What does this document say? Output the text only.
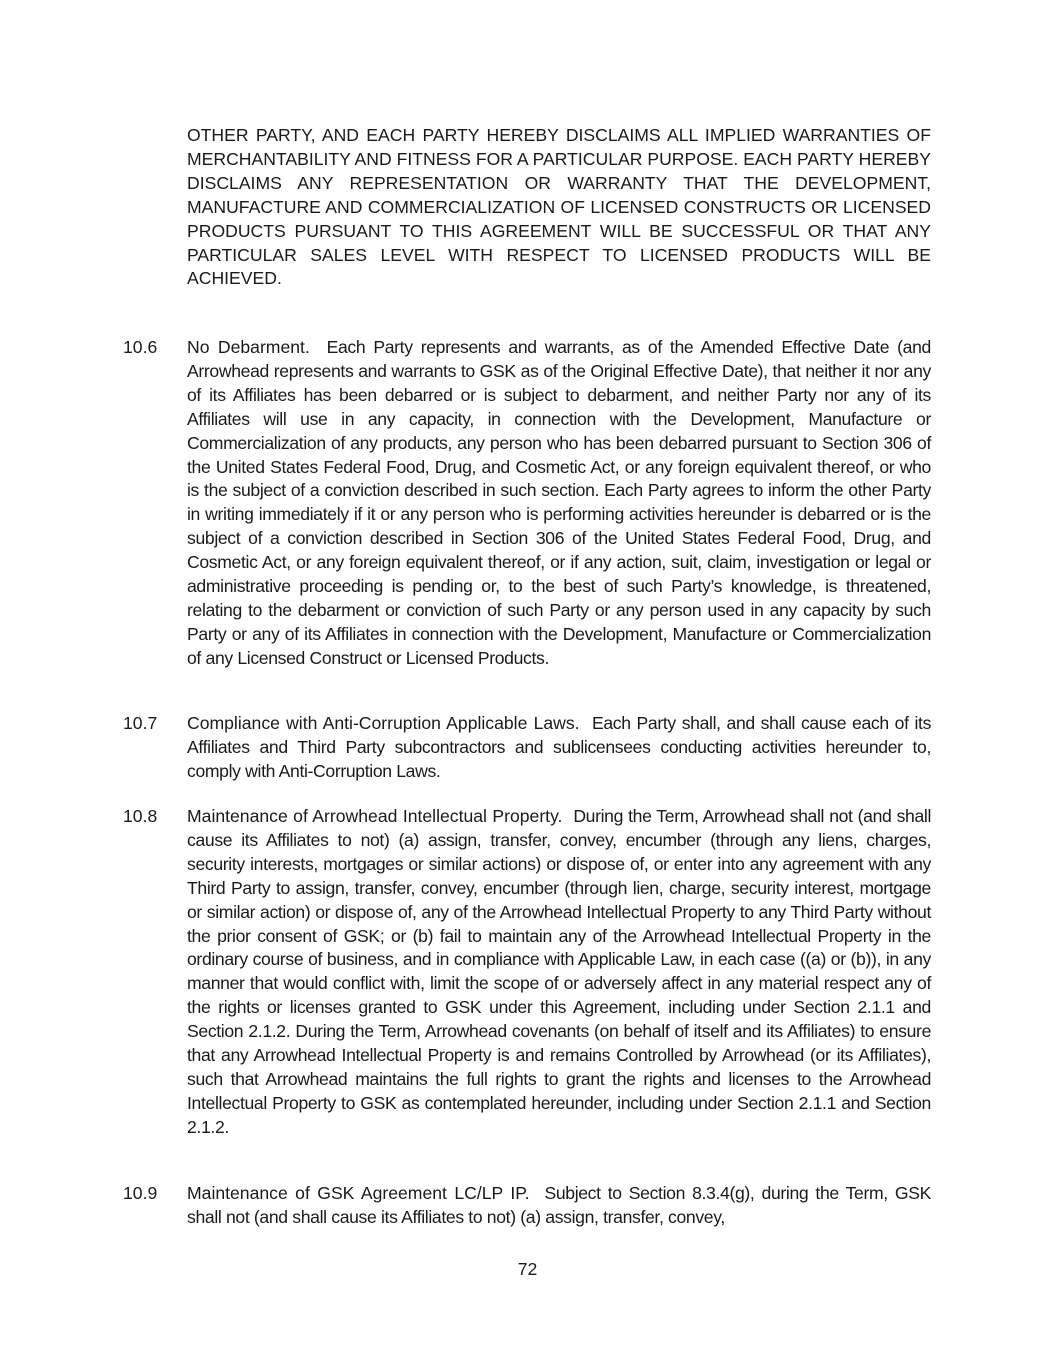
OTHER PARTY, AND EACH PARTY HEREBY DISCLAIMS ALL IMPLIED WARRANTIES OF MERCHANTABILITY AND FITNESS FOR A PARTICULAR PURPOSE. EACH PARTY HEREBY DISCLAIMS ANY REPRESENTATION OR WARRANTY THAT THE DEVELOPMENT, MANUFACTURE AND COMMERCIALIZATION OF LICENSED CONSTRUCTS OR LICENSED PRODUCTS PURSUANT TO THIS AGREEMENT WILL BE SUCCESSFUL OR THAT ANY PARTICULAR SALES LEVEL WITH RESPECT TO LICENSED PRODUCTS WILL BE ACHIEVED.

10.6 No Debarment. Each Party represents and warrants, as of the Amended Effective Date (and Arrowhead represents and warrants to GSK as of the Original Effective Date), that neither it nor any of its Affiliates has been debarred or is subject to debarment, and neither Party nor any of its Affiliates will use in any capacity, in connection with the Development, Manufacture or Commercialization of any products, any person who has been debarred pursuant to Section 306 of the United States Federal Food, Drug, and Cosmetic Act, or any foreign equivalent thereof, or who is the subject of a conviction described in such section. Each Party agrees to inform the other Party in writing immediately if it or any person who is performing activities hereunder is debarred or is the subject of a conviction described in Section 306 of the United States Federal Food, Drug, and Cosmetic Act, or any foreign equivalent thereof, or if any action, suit, claim, investigation or legal or administrative proceeding is pending or, to the best of such Party’s knowledge, is threatened, relating to the debarment or conviction of such Party or any person used in any capacity by such Party or any of its Affiliates in connection with the Development, Manufacture or Commercialization of any Licensed Construct or Licensed Products.

10.7 Compliance with Anti-Corruption Applicable Laws. Each Party shall, and shall cause each of its Affiliates and Third Party subcontractors and sublicensees conducting activities hereunder to, comply with Anti-Corruption Laws.

10.8 Maintenance of Arrowhead Intellectual Property. During the Term, Arrowhead shall not (and shall cause its Affiliates to not) (a) assign, transfer, convey, encumber (through any liens, charges, security interests, mortgages or similar actions) or dispose of, or enter into any agreement with any Third Party to assign, transfer, convey, encumber (through lien, charge, security interest, mortgage or similar action) or dispose of, any of the Arrowhead Intellectual Property to any Third Party without the prior consent of GSK; or (b) fail to maintain any of the Arrowhead Intellectual Property in the ordinary course of business, and in compliance with Applicable Law, in each case ((a) or (b)), in any manner that would conflict with, limit the scope of or adversely affect in any material respect any of the rights or licenses granted to GSK under this Agreement, including under Section 2.1.1 and Section 2.1.2. During the Term, Arrowhead covenants (on behalf of itself and its Affiliates) to ensure that any Arrowhead Intellectual Property is and remains Controlled by Arrowhead (or its Affiliates), such that Arrowhead maintains the full rights to grant the rights and licenses to the Arrowhead Intellectual Property to GSK as contemplated hereunder, including under Section 2.1.1 and Section 2.1.2.

10.9 Maintenance of GSK Agreement LC/LP IP. Subject to Section 8.3.4(g), during the Term, GSK shall not (and shall cause its Affiliates to not) (a) assign, transfer, convey,

72
